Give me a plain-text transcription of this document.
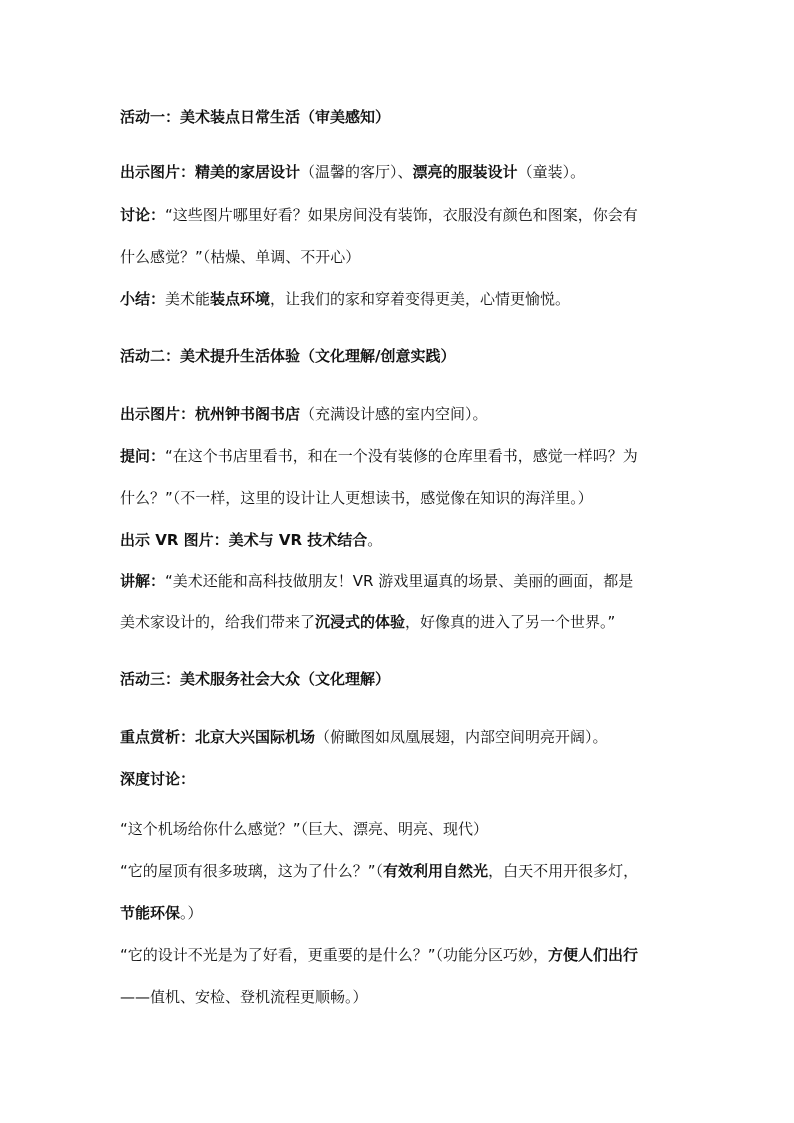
活动一：美术装点日常生活（审美感知）
出示图片：精美的家居设计（温馨的客厅）、漂亮的服装设计（童装）。
讨论：“这些图片哪里好看？如果房间没有装饰，衣服没有颜色和图案，你会有
什么感觉？”（枯燥、单调、不开心）
小结：美术能装点环境，让我们的家和穿着变得更美，心情更愉悦。
活动二：美术提升生活体验（文化理解/创意实践）
出示图片：杭州钟书阁书店（充满设计感的室内空间）。
提问：“在这个书店里看书，和在一个没有装修的仓库里看书，感觉一样吗？为
什么？”（不一样，这里的设计让人更想读书，感觉像在知识的海洋里。）
出示 VR 图片：美术与 VR 技术结合。
讲解：“美术还能和高科技做朋友！VR 游戏里逼真的场景、美丽的画面，都是
美术家设计的，给我们带来了沉浸式的体验，好像真的进入了另一个世界。”
活动三：美术服务社会大众（文化理解）
重点赏析：北京大兴国际机场（俯瞰图如凤凰展翅，内部空间明亮开阔）。
深度讨论：
“这个机场给你什么感觉？”（巨大、漂亮、明亮、现代）
“它的屋顶有很多玻璃，这为了什么？”（有效利用自然光，白天不用开很多灯，
节能环保。）
“它的设计不光是为了好看，更重要的是什么？”（功能分区巧妙，方便人们出行
——值机、安检、登机流程更顺畅。）
